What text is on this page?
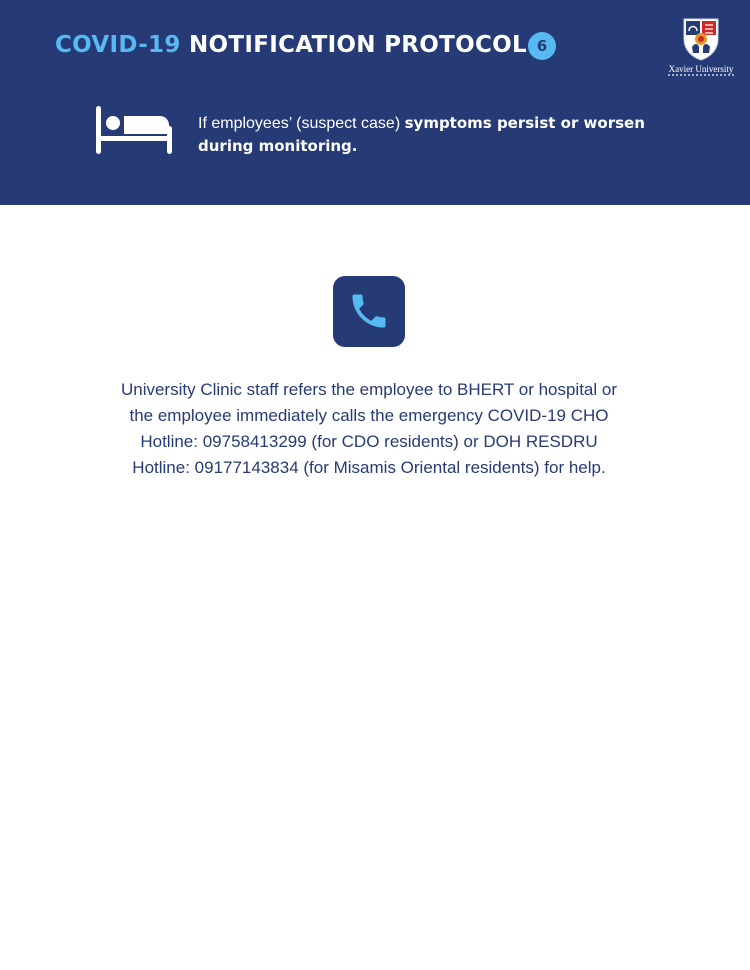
COVID-19 NOTIFICATION PROTOCOL 6
Xavier University
If employees’ (suspect case) symptoms persist or worsen during monitoring.
University Clinic staff refers the employee to BHERT or hospital or the employee immediately calls the emergency COVID-19 CHO Hotline: 09758413299 (for CDO residents) or DOH RESDRU Hotline: 09177143834 (for Misamis Oriental residents) for help.
